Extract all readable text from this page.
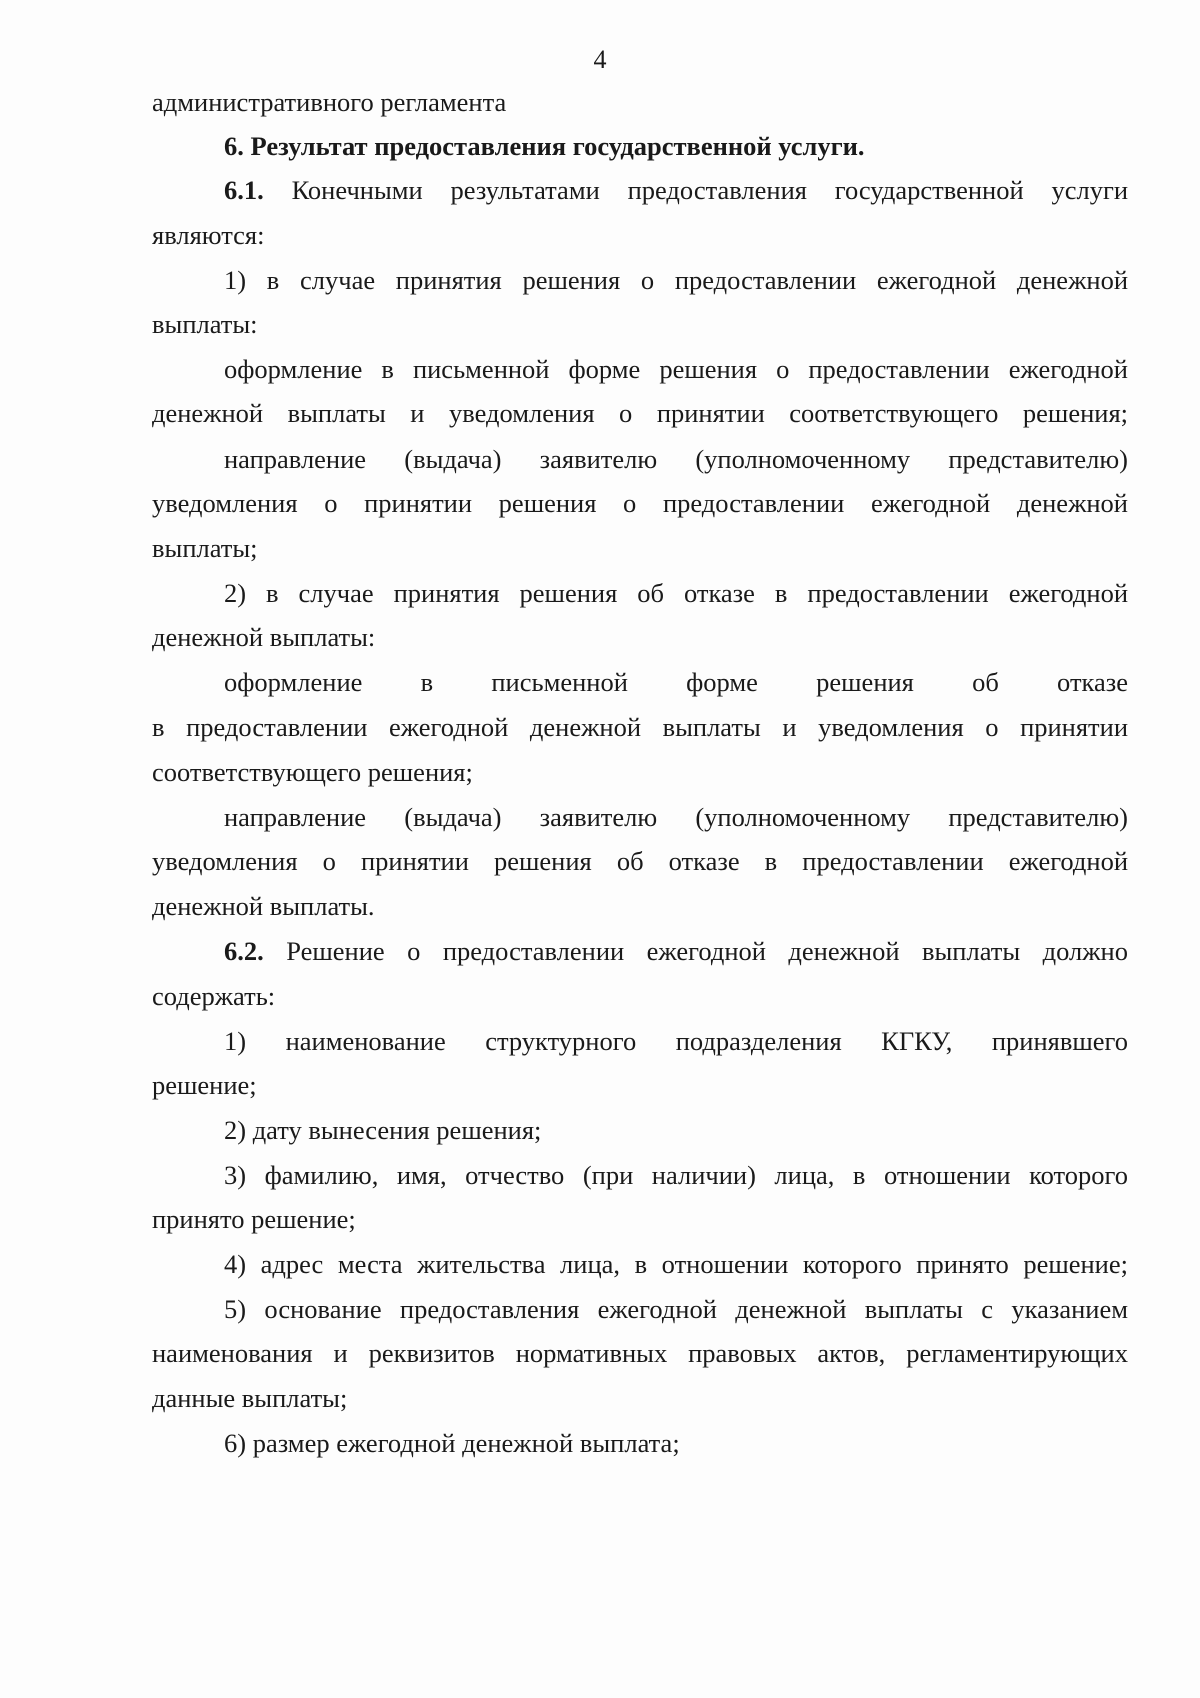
4
административного регламента
6. Результат предоставления государственной услуги.
6.1. Конечными результатами предоставления государственной услуги
являются:
1) в случае принятия решения о предоставлении ежегодной денежной
выплаты:
оформление в письменной форме решения о предоставлении ежегодной
денежной выплаты и уведомления о принятии соответствующего решения;
направление (выдача) заявителю (уполномоченному представителю)
уведомления о принятии решения о предоставлении ежегодной денежной
выплаты;
2) в случае принятия решения об отказе в предоставлении ежегодной
денежной выплаты:
оформление в письменной форме решения об отказе
в предоставлении ежегодной денежной выплаты и уведомления о принятии
соответствующего решения;
направление (выдача) заявителю (уполномоченному представителю)
уведомления о принятии решения об отказе в предоставлении ежегодной
денежной выплаты.
6.2. Решение о предоставлении ежегодной денежной выплаты должно
содержать:
1) наименование структурного подразделения КГКУ, принявшего
решение;
2) дату вынесения решения;
3) фамилию, имя, отчество (при наличии) лица, в отношении которого
принято решение;
4) адрес места жительства лица, в отношении которого принято решение;
5) основание предоставления ежегодной денежной выплаты с указанием
наименования и реквизитов нормативных правовых актов, регламентирующих
данные выплаты;
6) размер ежегодной денежной выплата;
